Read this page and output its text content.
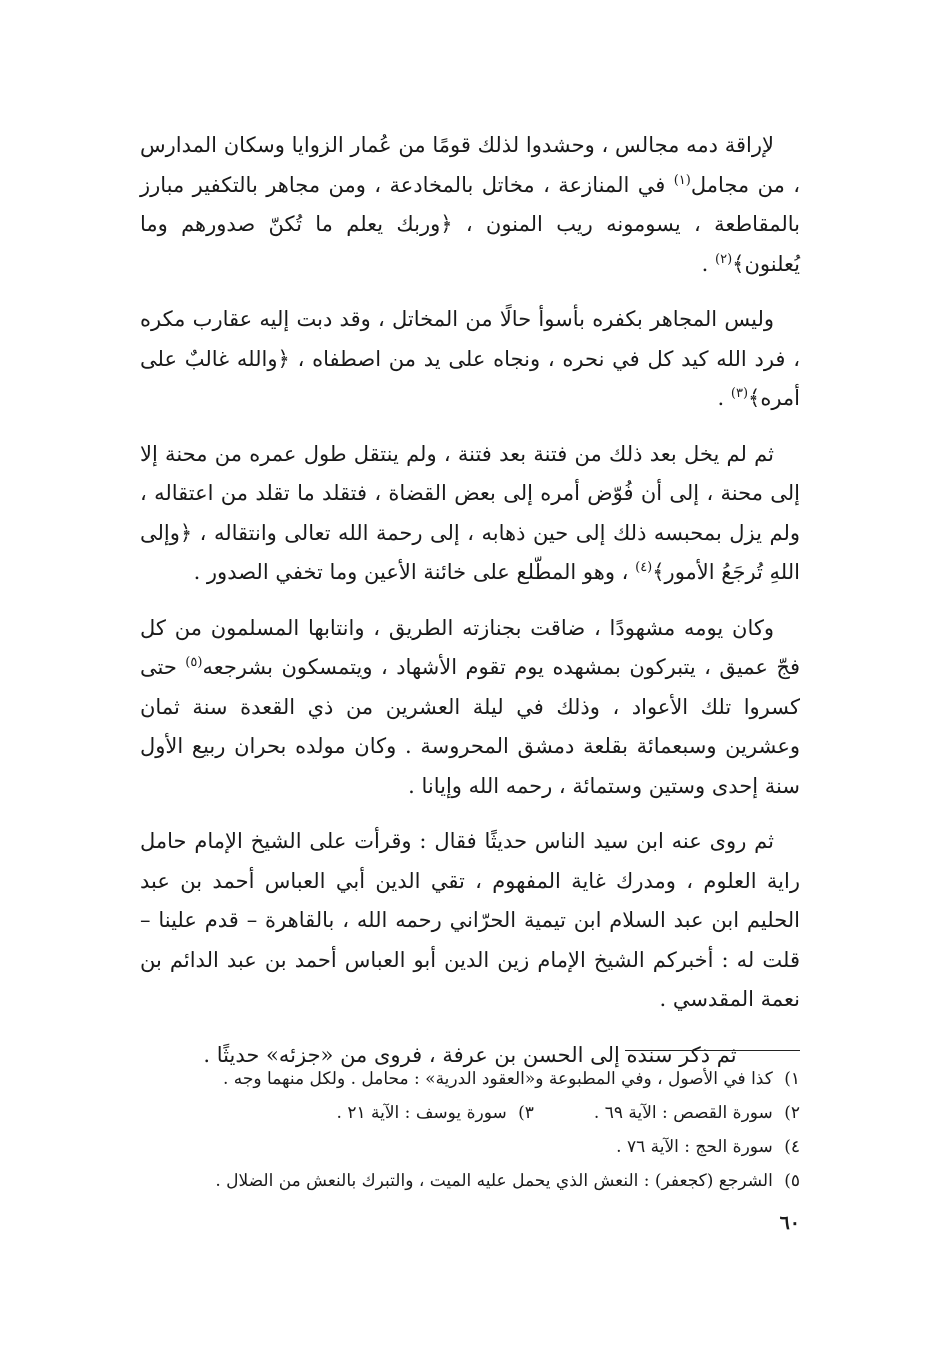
لإراقة دمه مجالس ، وحشدوا لذلك قومًا من عُمار الزوايا وسكان المدارس ، من مجامل$^{(١)}$ في المنازعة ، مخاتل بالمخادعة ، ومن مجاهر بالتكفير مبارز بالمقاطعة ، يسومونه ريب المنون ، ﴿وربك يعلم ما تُكنّ صدورهم وما يُعلنون﴾$^{(٢)}$ .

وليس المجاهر بكفره بأسوأ حالًا من المخاتل ، وقد دبت إليه عقارب مكره ، فرد الله كيد كل في نحره ، ونجاه على يد من اصطفاه ، ﴿والله غالبٌ على أمره﴾$^{(٣)}$ .

ثم لم يخل بعد ذلك من فتنة بعد فتنة ، ولم ينتقل طول عمره من محنة إلا إلى محنة ، إلى أن فُوّض أمره إلى بعض القضاة ، فتقلد ما تقلد من اعتقاله ، ولم يزل بمحبسه ذلك إلى حين ذهابه ، إلى رحمة الله تعالى وانتقاله ، ﴿وإلى اللهِ تُرجَعُ الأمور﴾$^{(٤)}$ ، وهو المطّلع على خائنة الأعين وما تخفي الصدور .

وكان يومه مشهودًا ، ضاقت بجنازته الطريق ، وانتابها المسلمون من كل فجّ عميق ، يتبركون بمشهده يوم تقوم الأشهاد ، ويتمسكون بشرجعه$^{(٥)}$ حتى كسروا تلك الأعواد ، وذلك في ليلة العشرين من ذي القعدة سنة ثمان وعشرين وسبعمائة بقلعة دمشق المحروسة . وكان مولده بحران ربيع الأول سنة إحدى وستين وستمائة ، رحمه الله وإيانا .

ثم روى عنه ابن سيد الناس حديثًا فقال : وقرأت على الشيخ الإمام حامل راية العلوم ، ومدرك غاية المفهوم ، تقي الدين أبي العباس أحمد بن عبد الحليم ابن عبد السلام ابن تيمية الحرّاني رحمه الله ، بالقاهرة – قدم علينا – قلت له : أخبركم الشيخ الإمام زين الدين أبو العباس أحمد بن عبد الدائم بن نعمة المقدسي .

ثم ذكر سنده إلى الحسن بن عرفة ، فروى من «جزئه» حديثًا .

١) كذا في الأصول ، وفي المطبوعة و«العقود الدرية» : محامل . ولكل منهما وجه .
٢) سورة القصص : الآية ٦٩ .
٣) سورة يوسف : الآية ٢١ .
٤) سورة الحج : الآية ٧٦ .
٥) الشرجع (كجعفر) : النعش الذي يحمل عليه الميت ، والتبرك بالنعش من الضلال .
٦٠
